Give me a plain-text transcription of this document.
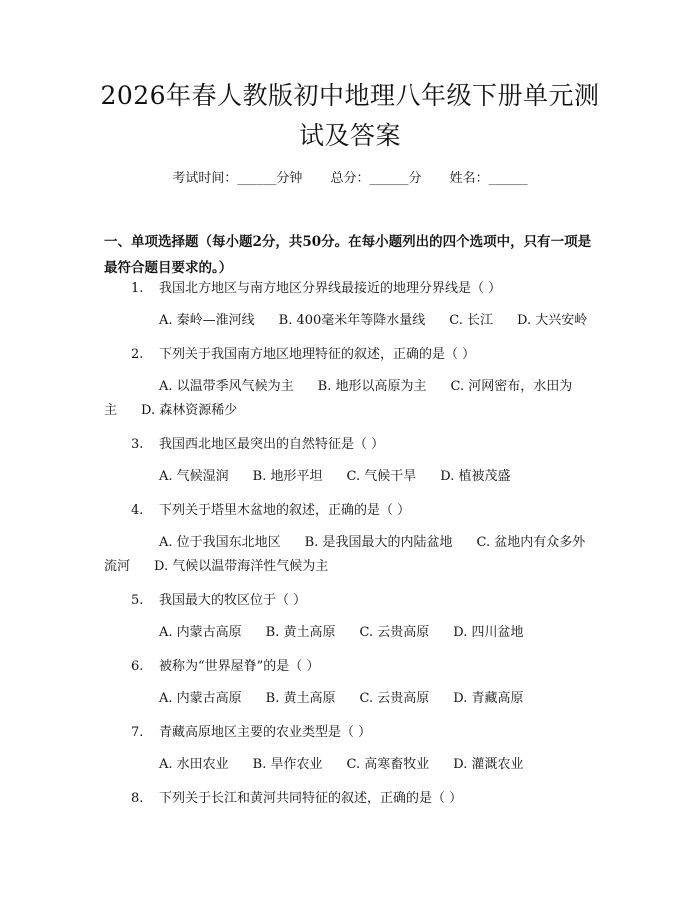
2026年春人教版初中地理八年级下册单元测试及答案
考试时间：______分钟 总分：______分 姓名：______
一、单项选择题（每小题2分，共50分。在每小题列出的四个选项中，只有一项是最符合题目要求的。）
1. 我国北方地区与南方地区分界线最接近的地理分界线是（ ）
A. 秦岭—淮河线 B. 400毫米年等降水量线 C. 长江 D. 大兴安岭
2. 下列关于我国南方地区地理特征的叙述，正确的是（ ）
A. 以温带季风气候为主 B. 地形以高原为主 C. 河网密布，水田为主 D. 森林资源稀少
3. 我国西北地区最突出的自然特征是（ ）
A. 气候湿润 B. 地形平坦 C. 气候干旱 D. 植被茂盛
4. 下列关于塔里木盆地的叙述，正确的是（ ）
A. 位于我国东北地区 B. 是我国最大的内陆盆地 C. 盆地内有众多外流河 D. 气候以温带海洋性气候为主
5. 我国最大的牧区位于（ ）
A. 内蒙古高原 B. 黄土高原 C. 云贵高原 D. 四川盆地
6. 被称为“世界屋脊”的是（ ）
A. 内蒙古高原 B. 黄土高原 C. 云贵高原 D. 青藏高原
7. 青藏高原地区主要的农业类型是（ ）
A. 水田农业 B. 旱作农业 C. 高寒畜牧业 D. 灌溉农业
8. 下列关于长江和黄河共同特征的叙述，正确的是（ ）
